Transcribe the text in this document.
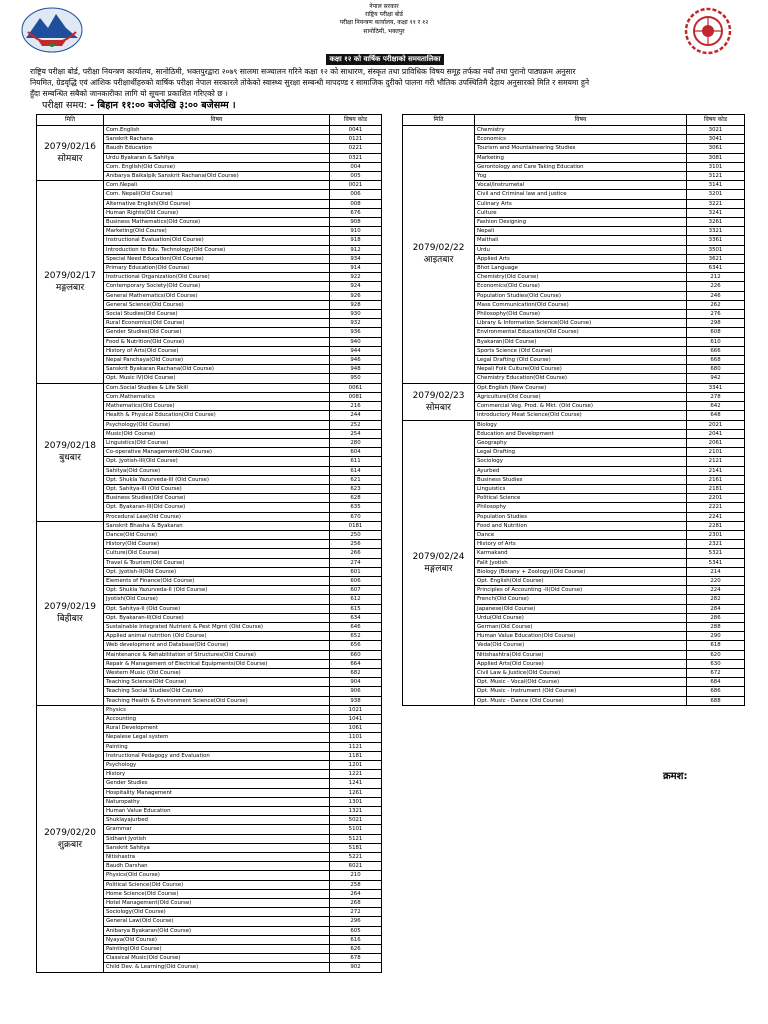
नेपाल सरकार
राष्ट्रिय परीक्षा बोर्ड
परीक्षा नियन्त्रण कार्यालय, कक्षा ११ र १२
सानोठिमी, भक्तपुर
कक्षा १२ को वार्षिक परीक्षाको समयतालिका

राष्ट्रिय परीक्षा बोर्ड, परीक्षा नियन्त्रण कार्यालय, सानोठिमी, भक्तपुरद्वारा २०७९ सालमा सञ्चालन गरिने कक्षा १२ को साधारण, संस्कृत तथा प्राविधिक विषय समूह तर्फका नयाँ तथा पुरानो पाठ्यक्रम अनुसार

नियमित, ग्रेडवृद्धि एवं आंशिक परीक्षार्थीहरुको वार्षिक परीक्षा नेपाल सरकारले तोकेको स्वास्थ्य सुरक्षा सम्बन्धी मापदण्ड र सामाजिक दुरीको पालना गरी भौतिक उपस्थितिमै देहाय अनुसारको मिति र समयमा हुने

हुँदा सम्बन्धित सबैको जानकारीका लागि यो सूचना प्रकाशित गरिएको छ ।

परीक्षा समय: - बिहान ११:०० बजेदेखि ३:०० बजेसम्म ।
मिति	विषय	विषय कोड

2079/02/16
सोमबार	Com.English	0041
	Sanskrit Rachana	0121
	Baudh Education	0221
	Urdu Byakaran & Sahitya	0321
	Com. English(Old Course)	004
	Anibarya Baikalpik Sanskrit Rachana(Old Course)	005

2079/02/17
मङ्गलबार	Com.Nepali	0021
	Com. Nepali(Old Course)	006
	Alternative English(Old Course)	008
	Human Rights(Old Course)	676
	Business Mathematics(Old Course)	908
	Marketing(Old Course)	910
	Instructional Evaluation(Old Course)	918
	Introduction to Edu. Technology(Old Course)	912
	Special Need Education(Old Course)	934
	Primary Education(Old Course)	914
	Instructional Organization(Old Course)	922
	Contemporary Society(Old Course)	924
	General Mathematics(Old Course)	926
	General Science(Old Course)	928
	Social Studies(Old Course)	930
	Rural Economics(Old Course)	932
	Gender Studies(Old Course)	936
	Food & Nutrition(Old Course)	940
	History of Arts(Old Course)	944
	Nepal Panchaya(Old Course)	946
	Sanskrit Byakaran Rachana(Old Course)	948
	Opt. Music IV(Old Course)	950

2079/02/18
बुधबार	Com.Social Studies & Life Skill	0061
	Com.Mathematics	0081
	Mathematics(Old Course)	216
	Health & Physical Education(Old Course)	244
	Psychology(Old Course)	252
	Music(Old Course)	254
	Linguistics(Old Course)	280
	Co-operative Management(Old Course)	604
	Opt. Jyotish-III(Old Course)	611
	Sahitya(Old Course)	614
	Opt. Shukla Yazurveda-III (Old Course)	621
	Opt. Sahitya-III (Old Course)	623
	Business Studies(Old Course)	628
	Opt. Byakaran-III(Old Course)	635
	Procedural Law(Old Course)	670

2079/02/19
बिहीबार	Sanskrit Bhasha & Byakaran	0181
	Dance(Old Course)	250
	History(Old Course)	256
	Culture(Old Course)	266
	Travel & Tourism(Old Course)	274
	Opt. Jyotish-II(Old Course)	601
	Elements of Finance(Old Course)	606
	Opt. Shukla Yazurveda-II (Old Course)	607
	Jyotish(Old Course)	612
	Opt. Sahitya-II (Old Course)	615
	Opt. Byakaran-II(Old Course)	634
	Sustainable Integrated Nutrient & Pest Mgmt (Old Course)	646
	Applied animal nutrition (Old Course)	652
	Web development and Database(Old Course)	656
	Maintenance & Rehabilitation of Structures(Old Course)	660
	Repair & Management of Electrical Equipments(Old Course)	664
	Western Music (Old Course)	682
	Teaching Science(Old Course)	904
	Teaching Social Studies(Old Course)	906
	Teaching Health & Environment Science(Old Course)	938

2079/02/20
शुक्रबार	Physics	1021
	Accounting	1041
	Rural Development	1061
	Nepalese Legal system	1101
	Painting	1121
	Instructional Pedagogy and Evaluation	1181
	Psychology	1201
	History	1221
	Gender Studies	1241
	Hospitality Management	1261
	Naturopathy	1301
	Human Value Education	1321
	Shuklayajurbed	5021
	Grammar	5101
	Sidhant Jyotish	5121
	Sanskrit Sahitya	5181
	Nitishastra	5221
	Baudh Darshan	6021
	Physics(Old Course)	210
	Political Science(Old Course)	258
	Home Science(Old Course)	264
	Hotel Management(Old Course)	268
	Sociology(Old Course)	272
	General Law(Old Course)	296
	Anibarya Byakaran(Old Course)	605
	Nyaya(Old Course)	616
	Painting(Old Course)	626
	Classical Music(Old Course)	678
	Child Dev. & Learning(Old Course)	902
मिति	विषय	विषय कोड

2079/02/22
आइतबार	Chemistry	3021
	Economics	3041
	Tourism and Mountaineering Studies	3061
	Marketing	3081
	Gerontology and Care Taking Education	3101
	Yog	3121
	Vocal/Instrumetal	3141
	Civil and Criminal law and justice	3201
	Culinary Arts	3221
	Culture	3241
	Fashion Designing	3261
	Nepali	3321
	Maithali	3361
	Urdu	3501
	Applied Arts	3621
	Bhot Language	6341
	Chemistry(Old Course)	212
	Economics(Old Course)	226
	Population Studies(Old Course)	246
	Mass Communication(Old Course)	262
	Philosophy(Old Course)	276
	Library & Information Science(Old Course)	298
	Environmental Education(Old Course)	608
	Byakaran(Old Course)	610
	Sports Science (Old Course)	666
	Legal Drafting (Old Course)	668
	Nepali Folk Culture(Old Course)	680
	Chemistry Education(Old Course)	942

2079/02/23
सोमबार	Opt.English (New Course)	3341
	Agriculture(Old Course)	278
	Commercial Veg. Prod. & Mkt. (Old Course)	642
	Introductory Meat Science(Old Course)	648

2079/02/24
मङ्गलबार	Biology	2021
	Education and Development	2041
	Geography	2061
	Legal Drafting	2101
	Sociology	2121
	Ayurbed	2141
	Business Studies	2161
	Linguistics	2181
	Political Science	2201
	Philosophy	2221
	Population Studies	2241
	Food and Nutrition	2281
	Dance	2301
	History of Arts	2321
	Karmakand	5321
	Falit Jyotish	5341
	Biology (Botany + Zoology)(Old Course)	214
	Opt. English(Old Course)	220
	Principles of Accounting -II(Old Course)	224
	French(Old Course)	282
	Japanese(Old Course)	284
	Urdu(Old Course)	286
	German(Old Course)	288
	Human Value Education(Old Course)	290
	Veda(Old Course)	618
	Nitishashtra(Old Course)	620
	Applied Arts(Old Course)	630
	Civil Law & Justice(Old Course)	672
	Opt. Music - Vocal(Old Course)	684
	Opt. Music - Instrument (Old Course)	686
	Opt. Music - Dance (Old Course)	688
क्रमश:
